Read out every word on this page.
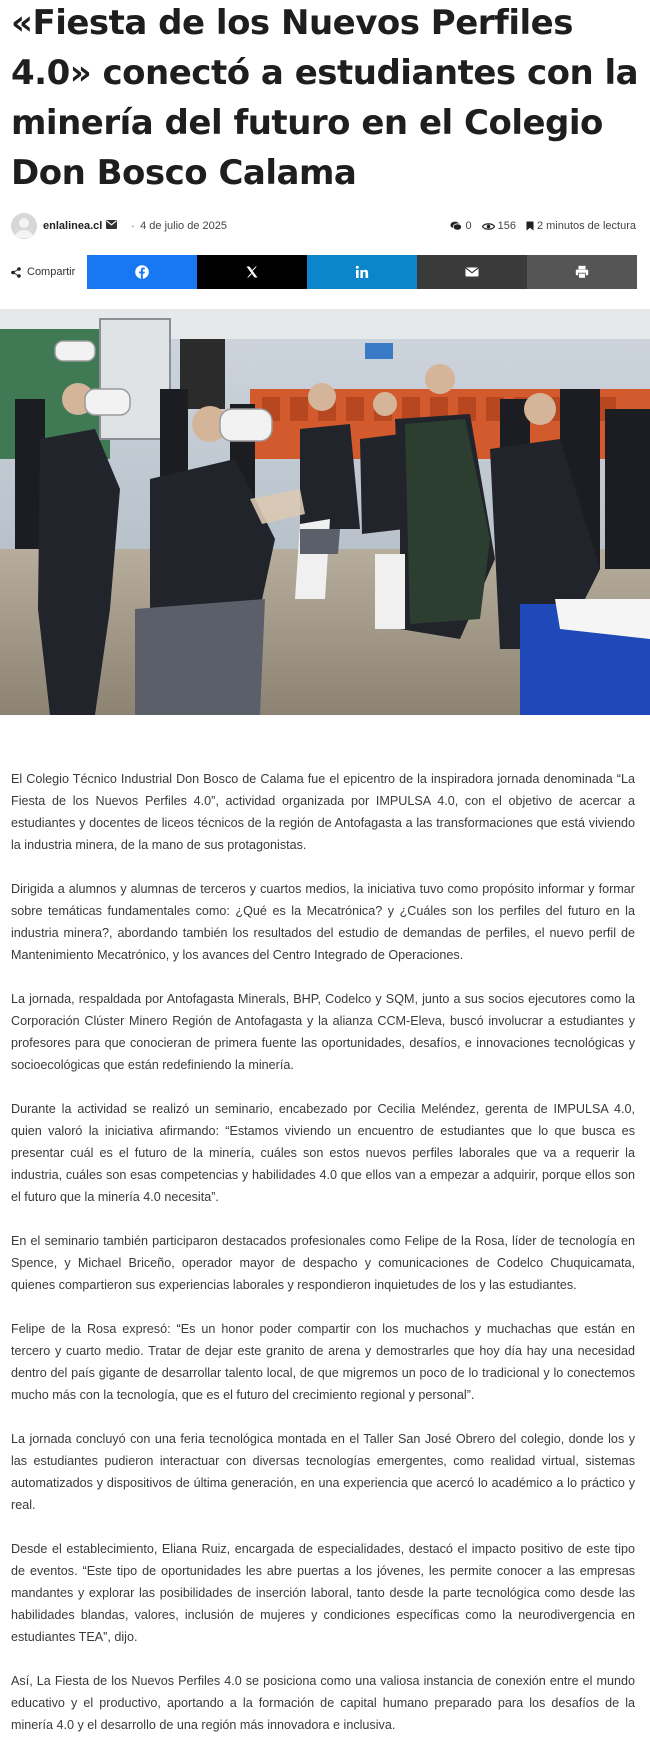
«Fiesta de los Nuevos Perfiles 4.0» conectó a estudiantes con la minería del futuro en el Colegio Don Bosco Calama
enlalinea.cl	• 4 de julio de 2025	0 156 2 minutos de lectura
Compartir

El Colegio Técnico Industrial Don Bosco de Calama fue el epicentro de la inspiradora jornada denominada “La Fiesta de los Nuevos Perfiles 4.0”, actividad organizada por IMPULSA 4.0, con el objetivo de acercar a estudiantes y docentes de liceos técnicos de la región de Antofagasta a las transformaciones que está viviendo la industria minera, de la mano de sus protagonistas.

Dirigida a alumnos y alumnas de terceros y cuartos medios, la iniciativa tuvo como propósito informar y formar sobre temáticas fundamentales como: ¿Qué es la Mecatrónica? y ¿Cuáles son los perfiles del futuro en la industria minera?, abordando también los resultados del estudio de demandas de perfiles, el nuevo perfil de Mantenimiento Mecatrónico, y los avances del Centro Integrado de Operaciones.

La jornada, respaldada por Antofagasta Minerals, BHP, Codelco y SQM, junto a sus socios ejecutores como la Corporación Clúster Minero Región de Antofagasta y la alianza CCM-Eleva, buscó involucrar a estudiantes y profesores para que conocieran de primera fuente las oportunidades, desafíos, e innovaciones tecnológicas y socioecológicas que están redefiniendo la minería.

Durante la actividad se realizó un seminario, encabezado por Cecilia Meléndez, gerenta de IMPULSA 4.0, quien valoró la iniciativa afirmando: “Estamos viviendo un encuentro de estudiantes que lo que busca es presentar cuál es el futuro de la minería, cuáles son estos nuevos perfiles laborales que va a requerir la industria, cuáles son esas competencias y habilidades 4.0 que ellos van a empezar a adquirir, porque ellos son el futuro que la minería 4.0 necesita”.

En el seminario también participaron destacados profesionales como Felipe de la Rosa, líder de tecnología en Spence, y Michael Briceño, operador mayor de despacho y comunicaciones de Codelco Chuquicamata, quienes compartieron sus experiencias laborales y respondieron inquietudes de los y las estudiantes.

Felipe de la Rosa expresó: “Es un honor poder compartir con los muchachos y muchachas que están en tercero y cuarto medio. Tratar de dejar este granito de arena y demostrarles que hoy día hay una necesidad dentro del país gigante de desarrollar talento local, de que migremos un poco de lo tradicional y lo conectemos mucho más con la tecnología, que es el futuro del crecimiento regional y personal”.

La jornada concluyó con una feria tecnológica montada en el Taller San José Obrero del colegio, donde los y las estudiantes pudieron interactuar con diversas tecnologías emergentes, como realidad virtual, sistemas automatizados y dispositivos de última generación, en una experiencia que acercó lo académico a lo práctico y real.

Desde el establecimiento, Eliana Ruiz, encargada de especialidades, destacó el impacto positivo de este tipo de eventos. “Este tipo de oportunidades les abre puertas a los jóvenes, les permite conocer a las empresas mandantes y explorar las posibilidades de inserción laboral, tanto desde la parte tecnológica como desde las habilidades blandas, valores, inclusión de mujeres y condiciones específicas como la neurodivergencia en estudiantes TEA”, dijo.

Así, La Fiesta de los Nuevos Perfiles 4.0 se posiciona como una valiosa instancia de conexión entre el mundo educativo y el productivo, aportando a la formación de capital humano preparado para los desafíos de la minería 4.0 y el desarrollo de una región más innovadora e inclusiva.
